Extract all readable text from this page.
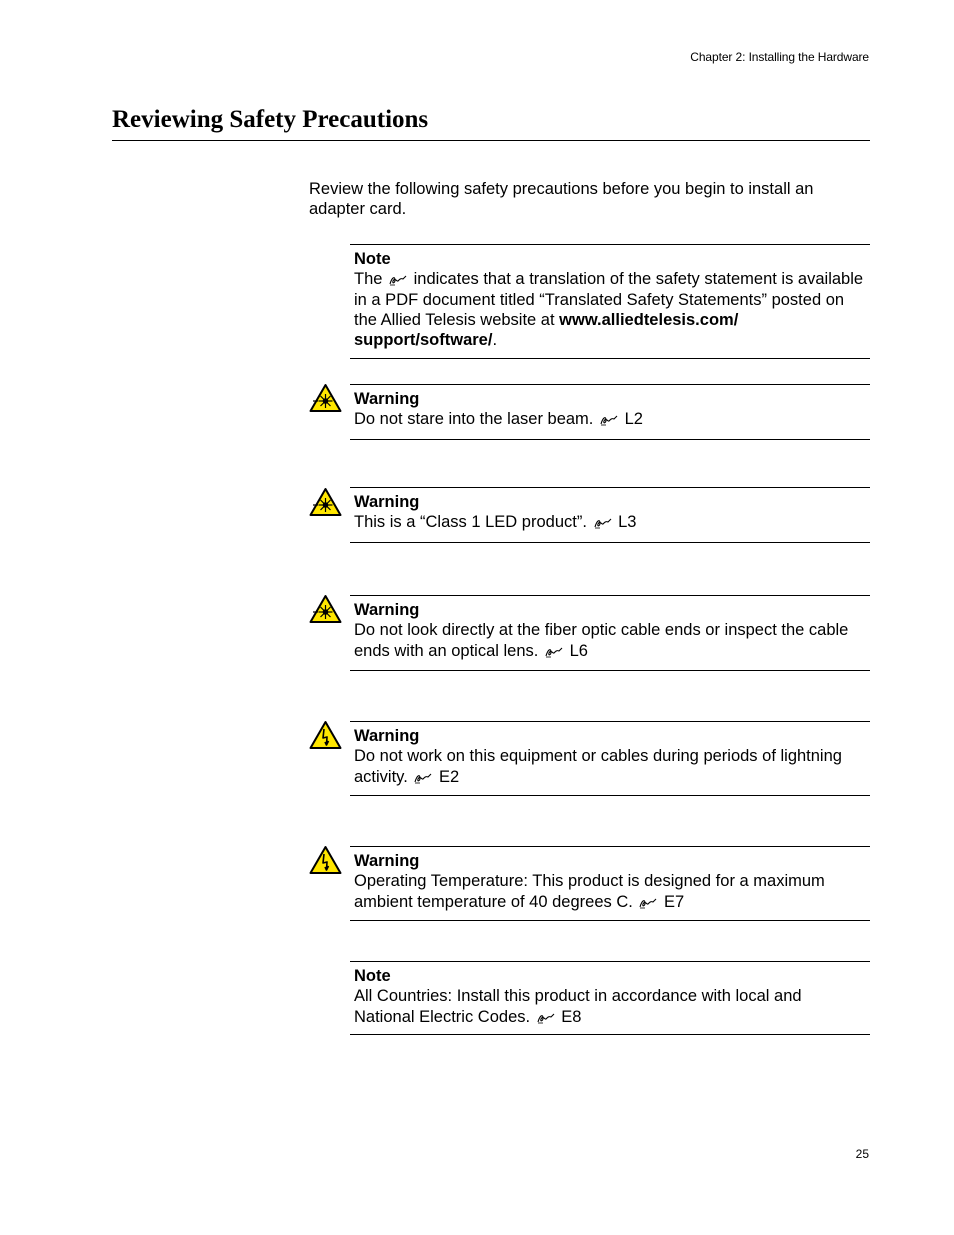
Chapter 2: Installing the Hardware
Reviewing Safety Precautions

Review the following safety precautions before you begin to install an adapter card.

Note

The indicates that a translation of the safety statement is available in a PDF document titled “Translated Safety Statements” posted on the Allied Telesis website at www.alliedtelesis.com/ support/software/.

Warning

Do not stare into the laser beam. L2

Warning

This is a “Class 1 LED product”. L3

Warning

Do not look directly at the fiber optic cable ends or inspect the cable ends with an optical lens. L6

Warning

Do not work on this equipment or cables during periods of lightning activity. E2

Warning

Operating Temperature: This product is designed for a maximum ambient temperature of 40 degrees C. E7

Note

All Countries: Install this product in accordance with local and National Electric Codes. E8

25
